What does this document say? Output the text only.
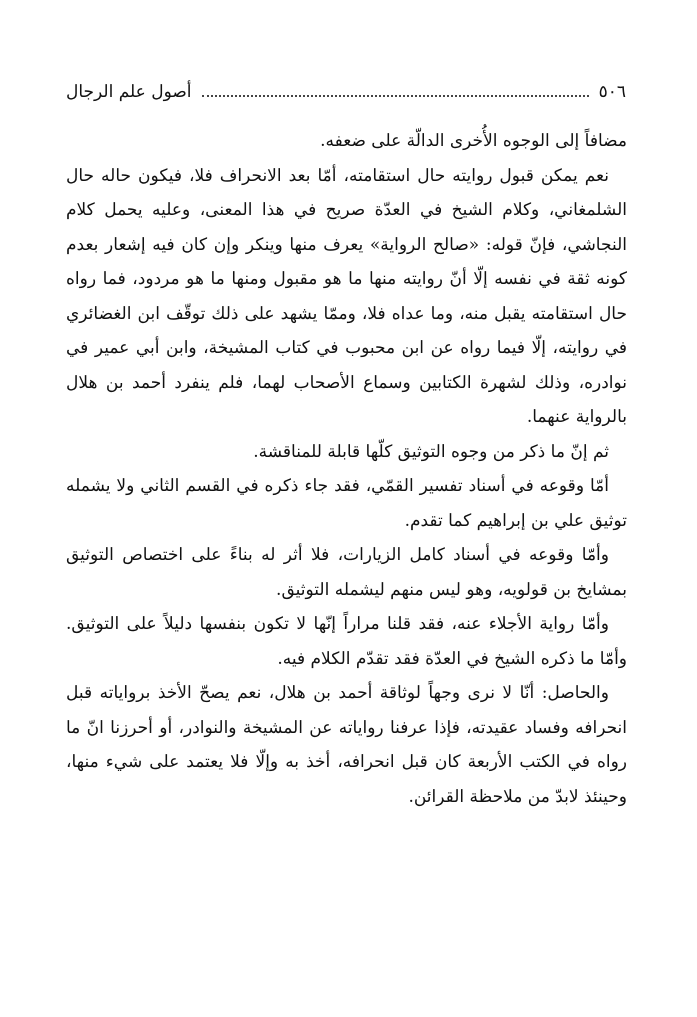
٥٠٦
أصول علم الرجال

مضافاً إلى الوجوه الأُخرى الدالّة على ضعفه.

نعم يمكن قبول روايته حال استقامته، أمّا بعد الانحراف فلا، فيكون حاله حال الشلمغاني، وكلام الشيخ في العدّة صريح في هذا المعنى، وعليه يحمل كلام النجاشي، فإنّ قوله: «صالح الرواية» يعرف منها وينكر وإن كان فيه إشعار بعدم كونه ثقة في نفسه إلّا أنّ روايته منها ما هو مقبول ومنها ما هو مردود، فما رواه حال استقامته يقبل منه، وما عداه فلا، وممّا يشهد على ذلك توقّف ابن الغضائري في روايته، إلّا فيما رواه عن ابن محبوب في كتاب المشيخة، وابن أبي عمير في نوادره، وذلك لشهرة الكتابين وسماع الأصحاب لهما، فلم ينفرد أحمد بن هلال بالرواية عنهما.

ثم إنّ ما ذكر من وجوه التوثيق كلّها قابلة للمناقشة.

أمّا وقوعه في أسناد تفسير القمّي، فقد جاء ذكره في القسم الثاني ولا يشمله توثيق علي بن إبراهيم كما تقدم.

وأمّا وقوعه في أسناد كامل الزيارات، فلا أثر له بناءً على اختصاص التوثيق بمشايخ بن قولويه، وهو ليس منهم ليشمله التوثيق.

وأمّا رواية الأجلاء عنه، فقد قلنا مراراً إنّها لا تكون بنفسها دليلاً على التوثيق. وأمّا ما ذكره الشيخ في العدّة فقد تقدّم الكلام فيه.

والحاصل: أنّا لا نرى وجهاً لوثاقة أحمد بن هلال، نعم يصحّ الأخذ برواياته قبل انحرافه وفساد عقيدته، فإذا عرفنا رواياته عن المشيخة والنوادر، أو أحرزنا انّ ما رواه في الكتب الأربعة كان قبل انحرافه، أخذ به وإلّا فلا يعتمد على شيء منها، وحينئذ لابدّ من ملاحظة القرائن.
